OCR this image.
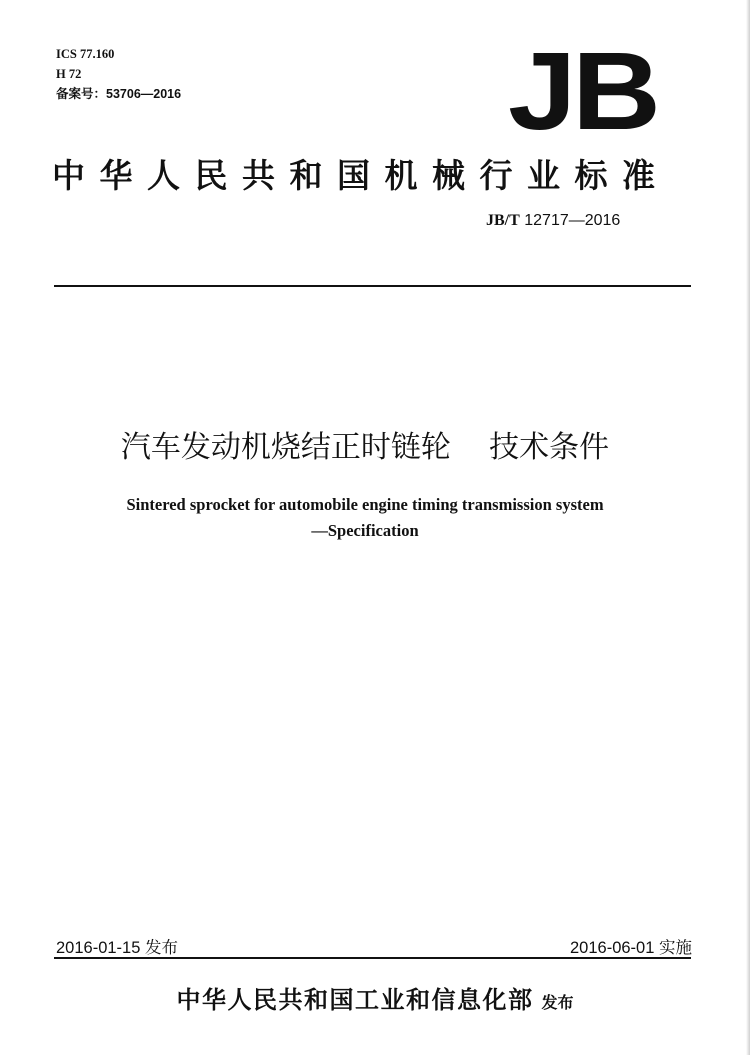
ICS 77.160
H 72
备案号：53706—2016	JB
中华人民共和国机械行业标准
JB/T 12717—2016
汽车发动机烧结正时链轮    技术条件
Sintered sprocket for automobile engine timing transmission system
—Specification
2016-01-15 发布	2016-06-01 实施
中华人民共和国工业和信息化部 发布
